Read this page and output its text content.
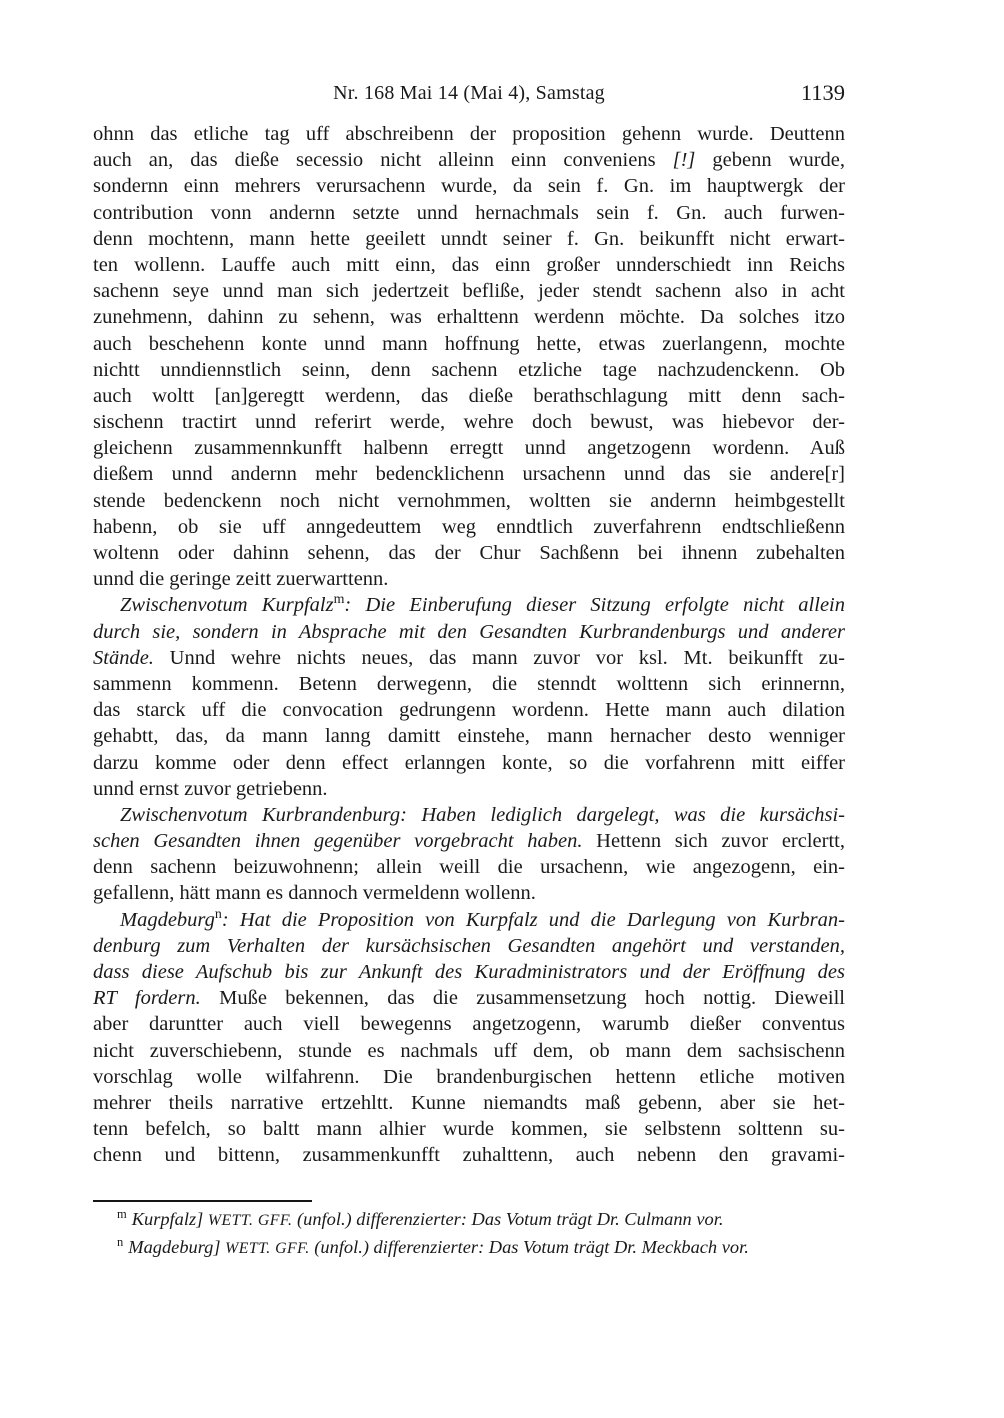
Nr. 168 Mai 14 (Mai 4), Samstag	1139
ohnn das etliche tag uff abschreibenn der proposition gehenn wurde. Deuttenn
auch an, das dieße secessio nicht alleinn einn conveniens [!] gebenn wurde,
sondernn einn mehrers verursachenn wurde, da sein f. Gn. im hauptwergk der
contribution vonn andernn setzte unnd hernachmals sein f. Gn. auch furwen-
denn mochtenn, mann hette geeilett unndt seiner f. Gn. beikunfft nicht erwart-
ten wollenn. Lauffe auch mitt einn, das einn großer unnderschiedt inn Reichs
sachenn seye unnd man sich jedertzeit befliße, jeder stendt sachenn also in acht
zunehmenn, dahinn zu sehenn, was erhalttenn werdenn möchte. Da solches itzo
auch beschehenn konte unnd mann hoffnung hette, etwas zuerlangenn, mochte
nichtt unndiennstlich seinn, denn sachenn etzliche tage nachzudenckenn. Ob
auch woltt [an]geregtt werdenn, das dieße berathschlagung mitt denn sach-
sischenn tractirt unnd referirt werde, wehre doch bewust, was hiebevor der-
gleichenn zusammennkunfft halbenn erregtt unnd angetzogenn wordenn. Auß
dießem unnd andernn mehr bedencklichenn ursachenn unnd das sie andere[r]
stende bedenckenn noch nicht vernohmmen, woltten sie andernn heimbgestellt
habenn, ob sie uff anngedeuttem weg enndtlich zuverfahrenn endtschließenn
woltenn oder dahinn sehenn, das der Chur Sachßenn bei ihnenn zubehalten
unnd die geringe zeitt zuerwarttenn.
Zwischenvotum Kurpfalz$^m$: Die Einberufung dieser Sitzung erfolgte nicht allein
durch sie, sondern in Absprache mit den Gesandten Kurbrandenburgs und anderer
Stände. Unnd wehre nichts neues, das mann zuvor vor ksl. Mt. beikunfft zu-
sammenn kommenn. Betenn derwegenn, die stenndt wolttenn sich erinnernn,
das starck uff die convocation gedrungenn wordenn. Hette mann auch dilation
gehabtt, das, da mann lanng damitt einstehe, mann hernacher desto wenniger
darzu komme oder denn effect erlanngen konte, so die vorfahrenn mitt eiffer
unnd ernst zuvor getriebenn.
Zwischenvotum Kurbrandenburg: Haben lediglich dargelegt, was die kursächsi-
schen Gesandten ihnen gegenüber vorgebracht haben. Hettenn sich zuvor erclertt,
denn sachenn beizuwohnenn; allein weill die ursachenn, wie angezogenn, ein-
gefallenn, hätt mann es dannoch vermeldenn wollenn.
Magdeburg$^n$: Hat die Proposition von Kurpfalz und die Darlegung von Kurbran-
denburg zum Verhalten der kursächsischen Gesandten angehört und verstanden,
dass diese Aufschub bis zur Ankunft des Kuradministrators und der Eröffnung des
RT fordern. Muße bekennen, das die zusammensetzung hoch nottig. Dieweill
aber daruntter auch viell bewegenns angetzogenn, warumb dießer conventus
nicht zuverschiebenn, stunde es nachmals uff dem, ob mann dem sachsischenn
vorschlag wolle wilfahrenn. Die brandenburgischen hettenn etliche motiven
mehrer theils narrative ertzehltt. Kunne niemandts maß gebenn, aber sie het-
tenn befelch, so baltt mann alhier wurde kommen, sie selbstenn solttenn su-
chenn und bittenn, zusammenkunfft zuhalttenn, auch nebenn den gravami-
$^m$ Kurpfalz] WETT. GFF. (unfol.) differenzierter: Das Votum trägt Dr. Culmann vor.
$^n$ Magdeburg] WETT. GFF. (unfol.) differenzierter: Das Votum trägt Dr. Meckbach vor.
